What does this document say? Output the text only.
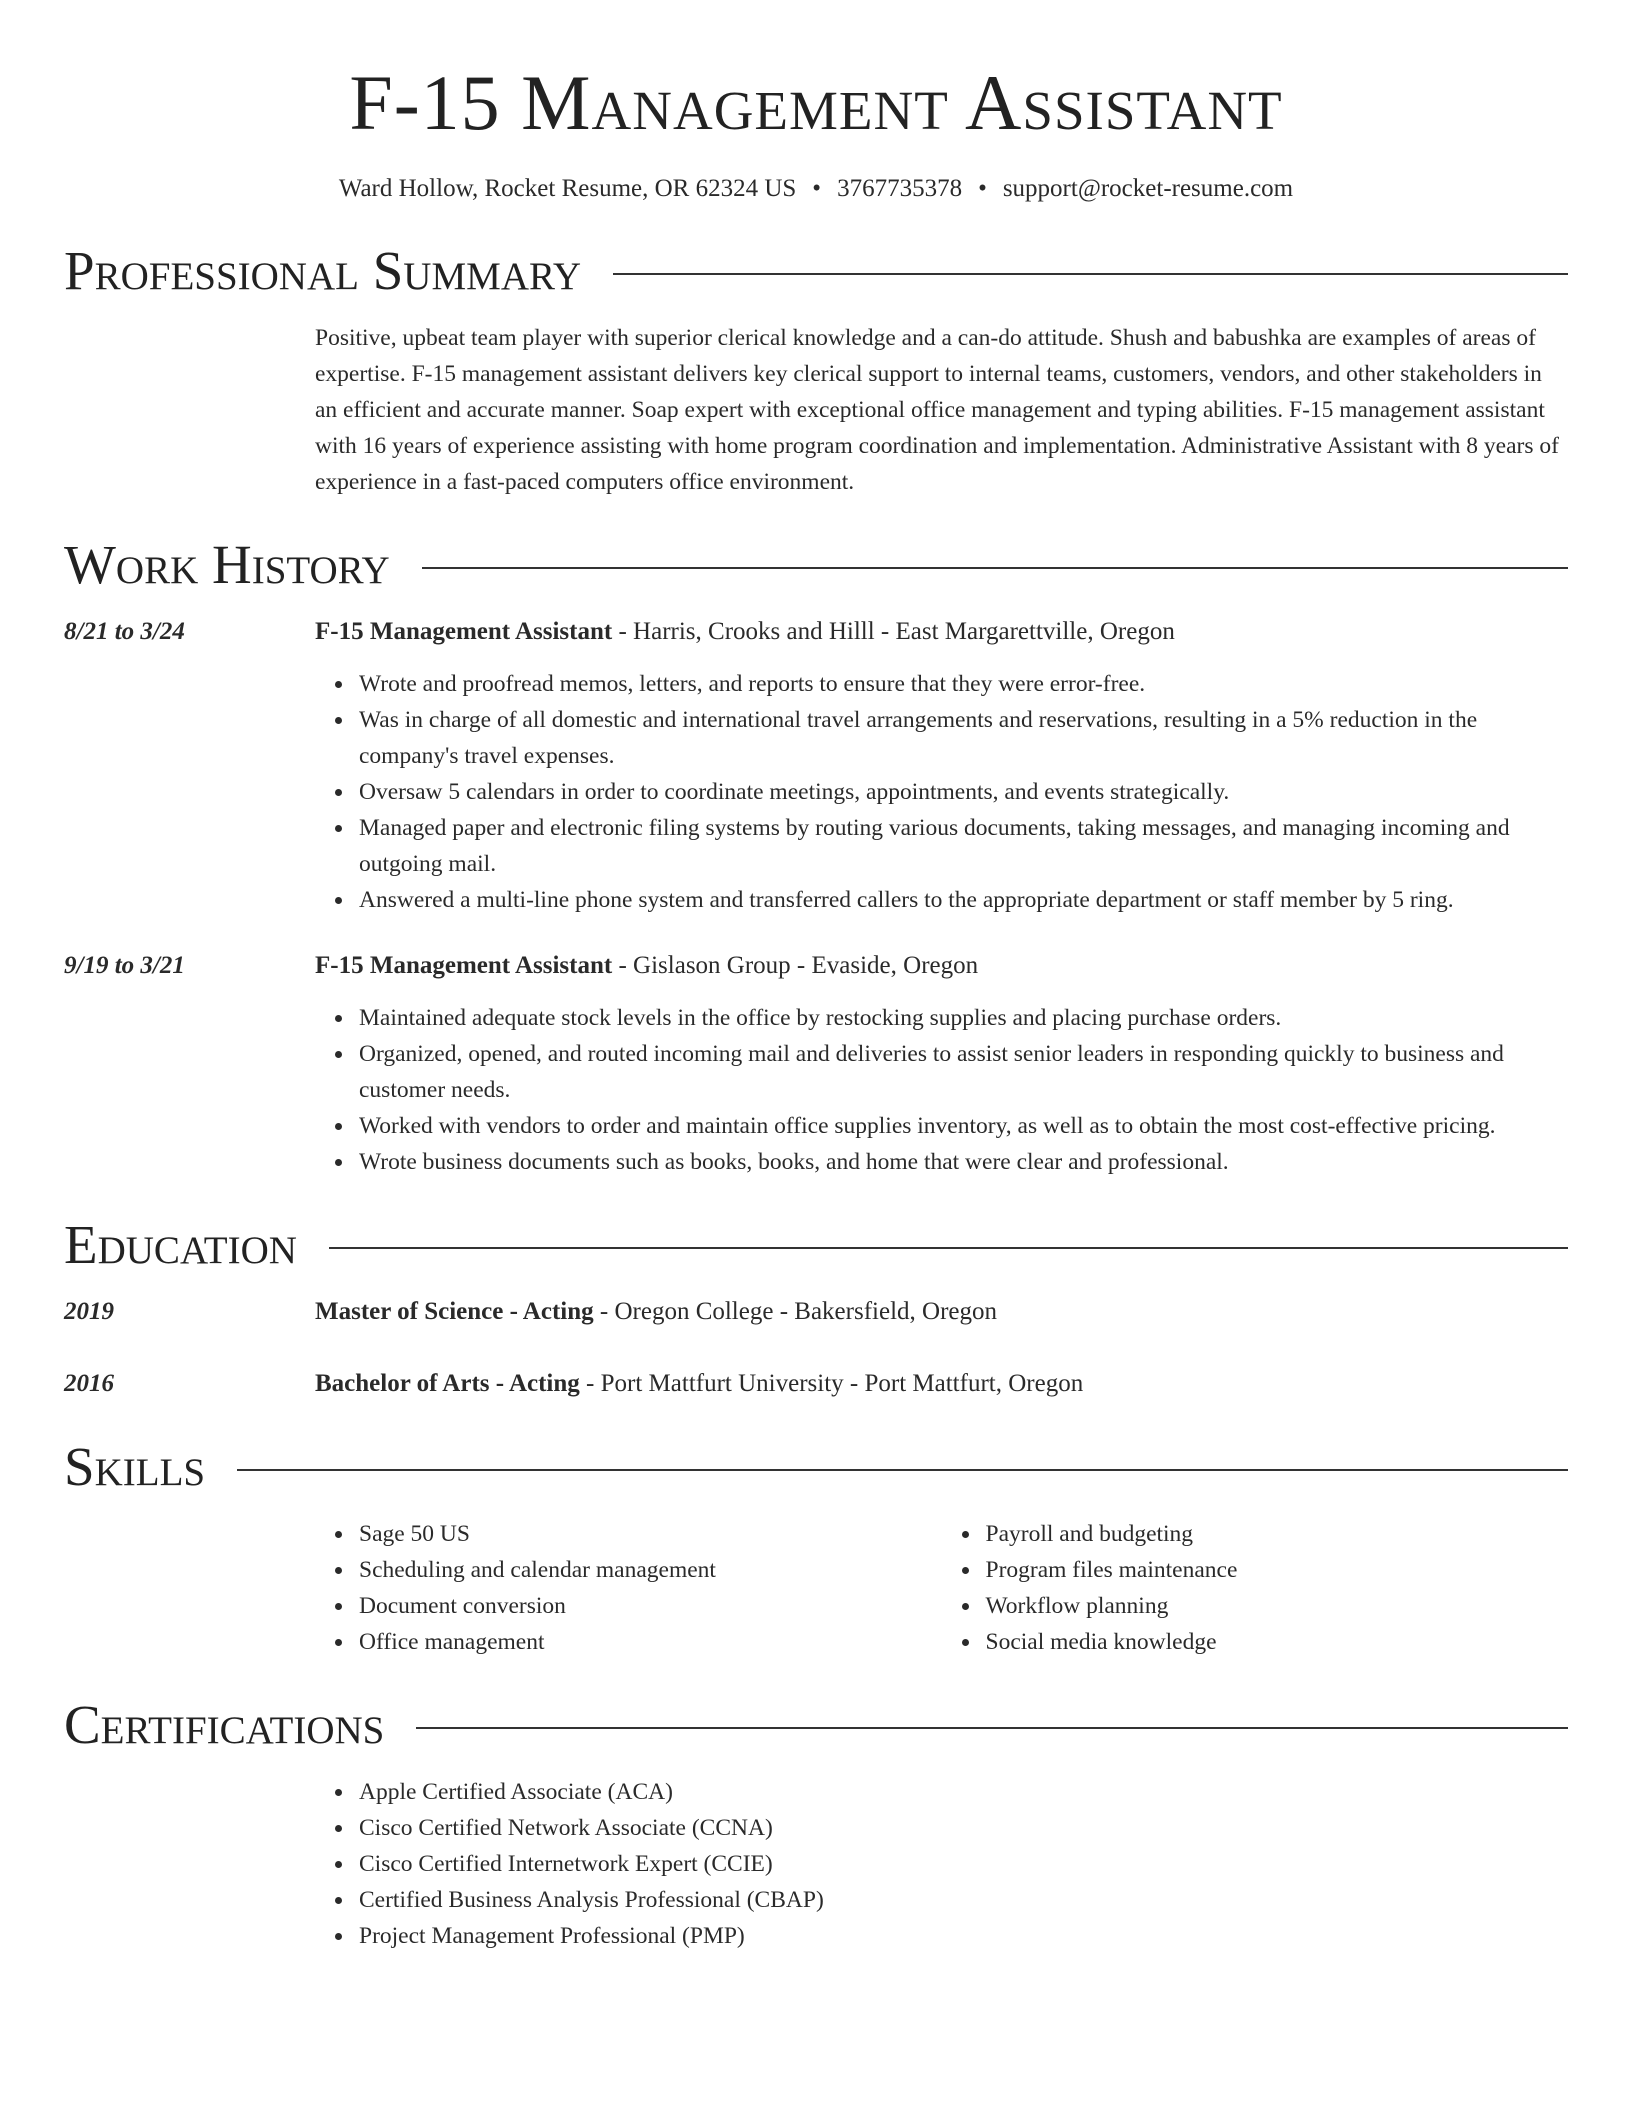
F-15 Management Assistant
Ward Hollow, Rocket Resume, OR 62324 US • 3767735378 • support@rocket-resume.com
Professional Summary
Positive, upbeat team player with superior clerical knowledge and a can-do attitude. Shush and babushka are examples of areas of expertise. F-15 management assistant delivers key clerical support to internal teams, customers, vendors, and other stakeholders in an efficient and accurate manner. Soap expert with exceptional office management and typing abilities. F-15 management assistant with 16 years of experience assisting with home program coordination and implementation. Administrative Assistant with 8 years of experience in a fast-paced computers office environment.
Work History
8/21 to 3/24	F-15 Management Assistant - Harris, Crooks and Hilll - East Margarettville, Oregon
Wrote and proofread memos, letters, and reports to ensure that they were error-free.
Was in charge of all domestic and international travel arrangements and reservations, resulting in a 5% reduction in the company's travel expenses.
Oversaw 5 calendars in order to coordinate meetings, appointments, and events strategically.
Managed paper and electronic filing systems by routing various documents, taking messages, and managing incoming and outgoing mail.
Answered a multi-line phone system and transferred callers to the appropriate department or staff member by 5 ring.
9/19 to 3/21	F-15 Management Assistant - Gislason Group - Evaside, Oregon
Maintained adequate stock levels in the office by restocking supplies and placing purchase orders.
Organized, opened, and routed incoming mail and deliveries to assist senior leaders in responding quickly to business and customer needs.
Worked with vendors to order and maintain office supplies inventory, as well as to obtain the most cost-effective pricing.
Wrote business documents such as books, books, and home that were clear and professional.
Education
2019	Master of Science - Acting - Oregon College - Bakersfield, Oregon
2016	Bachelor of Arts - Acting - Port Mattfurt University - Port Mattfurt, Oregon
Skills
Sage 50 US
Scheduling and calendar management
Document conversion
Office management
Payroll and budgeting
Program files maintenance
Workflow planning
Social media knowledge
Certifications
Apple Certified Associate (ACA)
Cisco Certified Network Associate (CCNA)
Cisco Certified Internetwork Expert (CCIE)
Certified Business Analysis Professional (CBAP)
Project Management Professional (PMP)
